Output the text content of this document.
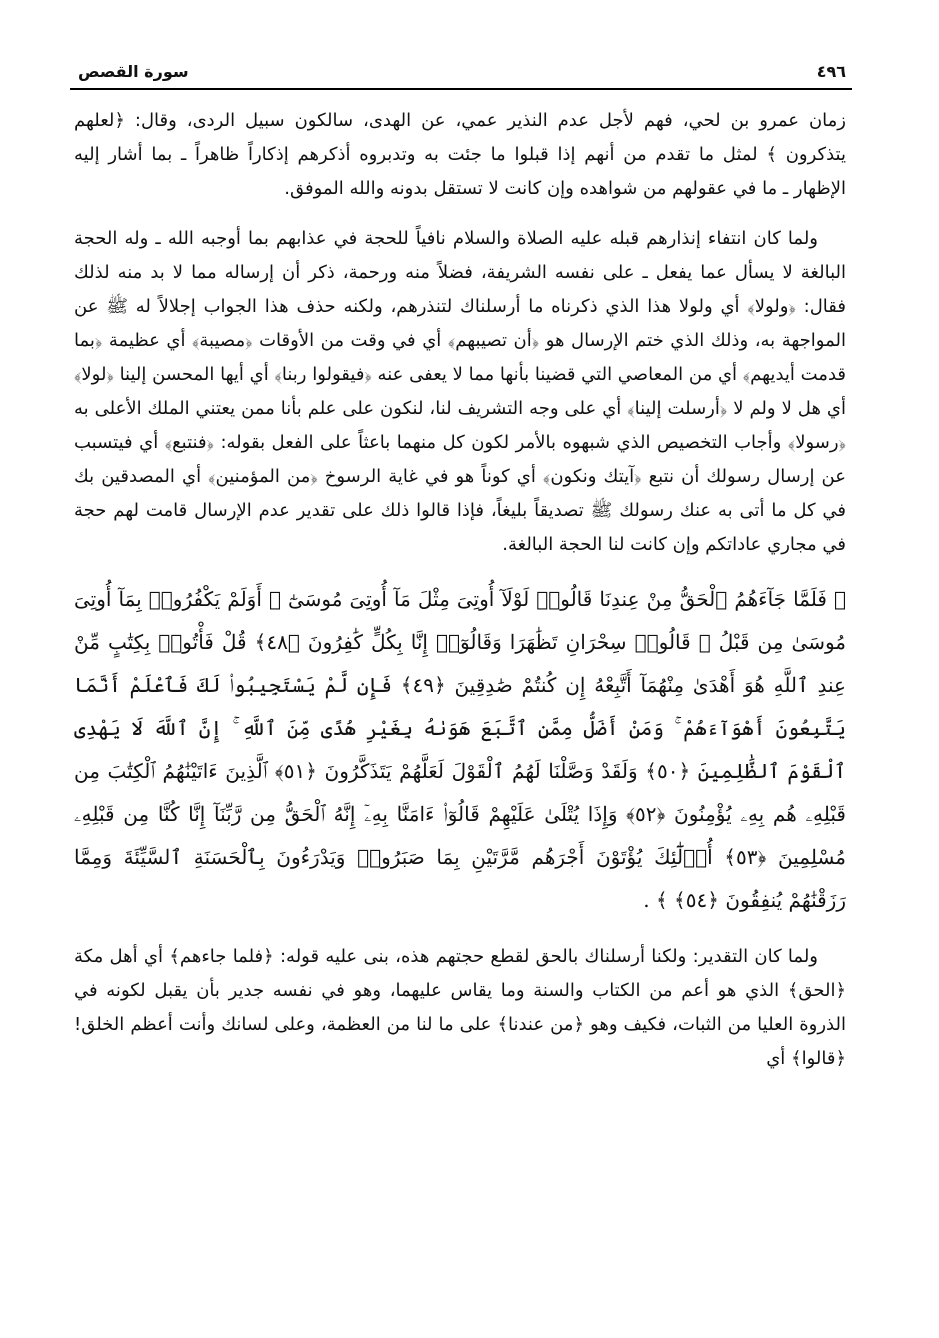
٤٩٦
سورة القصص

زمان عمرو بن لحي، فهم لأجل عدم النذير عمي، عن الهدى، سالكون سبيل الردى، وقال: ﴿لعلهم يتذكرون ﴾ لمثل ما تقدم من أنهم إذا قبلوا ما جئت به وتدبروه أذكرهم إذكاراً ظاهراً ـ بما أشار إليه الإظهار ـ ما في عقولهم من شواهده وإن كانت لا تستقل بدونه والله الموفق.

ولما كان انتفاء إنذارهم قبله عليه الصلاة والسلام نافياً للحجة في عذابهم بما أوجبه الله ـ وله الحجة البالغة لا يسأل عما يفعل ـ على نفسه الشريفة، فضلاً منه ورحمة، ذكر أن إرساله مما لا بد منه لذلك فقال: ﴿ولولا﴾ أي ولولا هذا الذي ذكرناه ما أرسلناك لتنذرهم، ولكنه حذف هذا الجواب إجلالاً له ﷺ عن المواجهة به، وذلك الذي ختم الإرسال هو ﴿أن تصيبهم﴾ أي في وقت من الأوقات ﴿مصيبة﴾ أي عظيمة ﴿بما قدمت أيديهم﴾ أي من المعاصي التي قضينا بأنها مما لا يعفى عنه ﴿فيقولوا ربنا﴾ أي أيها المحسن إلينا ﴿لولا﴾ أي هل لا ولم لا ﴿أرسلت إلينا﴾ أي على وجه التشريف لنا، لنكون على علم بأنا ممن يعتني الملك الأعلى به ﴿رسولا﴾ وأجاب التخصيص الذي شبهوه بالأمر لكون كل منهما باعثاً على الفعل بقوله: ﴿فنتبع﴾ أي فيتسبب عن إرسال رسولك أن نتبع ﴿آيتك ونكون﴾ أي كوناً هو في غاية الرسوخ ﴿من المؤمنين﴾ أي المصدقين بك في كل ما أتى به عنك رسولك ﷺ تصديقاً بليغاً، فإذا قالوا ذلك على تقدير عدم الإرسال قامت لهم حجة في مجاري عاداتكم وإن كانت لنا الحجة البالغة.

﴿ فَلَمَّا جَآءَهُمُ ٱلْحَقُّ مِنْ عِندِنَا قَالُوا۟ لَوْلَآ أُوتِىَ مِثْلَ مَآ أُوتِىَ مُوسَىٰٓ ۚ أَوَلَمْ يَكْفُرُوا۟ بِمَآ أُوتِىَ مُوسَىٰ مِن قَبْلُ ۖ قَالُوا۟ سِحْرَانِ تَظَٰهَرَا وَقَالُوٓا۟ إِنَّا بِكُلٍّ كَٰفِرُونَ ﴿٤٨﴾ قُلْ فَأْتُوا۟ بِكِتَٰبٍ مِّنْ عِندِ ٱللَّهِ هُوَ أَهْدَىٰ مِنْهُمَآ أَتَّبِعْهُ إِن كُنتُمْ صَٰدِقِينَ ﴿٤٩﴾ فَإِن لَّمْ يَسْتَجِيبُوا۟ لَكَ فَٱعْلَمْ أَنَّمَا يَتَّبِعُونَ أَهْوَآءَهُمْ ۚ وَمَنْ أَضَلُّ مِمَّنِ ٱتَّبَعَ هَوَىٰهُ بِغَيْرِ هُدًى مِّنَ ٱللَّهِ ۚ إِنَّ ٱللَّهَ لَا يَهْدِى ٱلْقَوْمَ ٱلظَّٰلِمِينَ ﴿٥٠﴾ وَلَقَدْ وَصَّلْنَا لَهُمُ ٱلْقَوْلَ لَعَلَّهُمْ يَتَذَكَّرُونَ ﴿٥١﴾ ٱلَّذِينَ ءَاتَيْنَٰهُمُ ٱلْكِتَٰبَ مِن قَبْلِهِۦ هُم بِهِۦ يُؤْمِنُونَ ﴿٥٢﴾ وَإِذَا يُتْلَىٰ عَلَيْهِمْ قَالُوٓا۟ ءَامَنَّا بِهِۦٓ إِنَّهُ ٱلْحَقُّ مِن رَّبِّنَآ إِنَّا كُنَّا مِن قَبْلِهِۦ مُسْلِمِينَ ﴿٥٣﴾ أُو۟لَٰٓئِكَ يُؤْتَوْنَ أَجْرَهُم مَّرَّتَيْنِ بِمَا صَبَرُوا۟ وَيَدْرَءُونَ بِٱلْحَسَنَةِ ٱلسَّيِّئَةَ وَمِمَّا رَزَقْنَٰهُمْ يُنفِقُونَ ﴿٥٤﴾ ﴾ .

ولما كان التقدير: ولكنا أرسلناك بالحق لقطع حجتهم هذه، بنى عليه قوله: ﴿فلما جاءهم﴾ أي أهل مكة ﴿الحق﴾ الذي هو أعم من الكتاب والسنة وما يقاس عليهما، وهو في نفسه جدير بأن يقبل لكونه في الذروة العليا من الثبات، فكيف وهو ﴿من عندنا﴾ على ما لنا من العظمة، وعلى لسانك وأنت أعظم الخلق! ﴿قالوا﴾ أي
